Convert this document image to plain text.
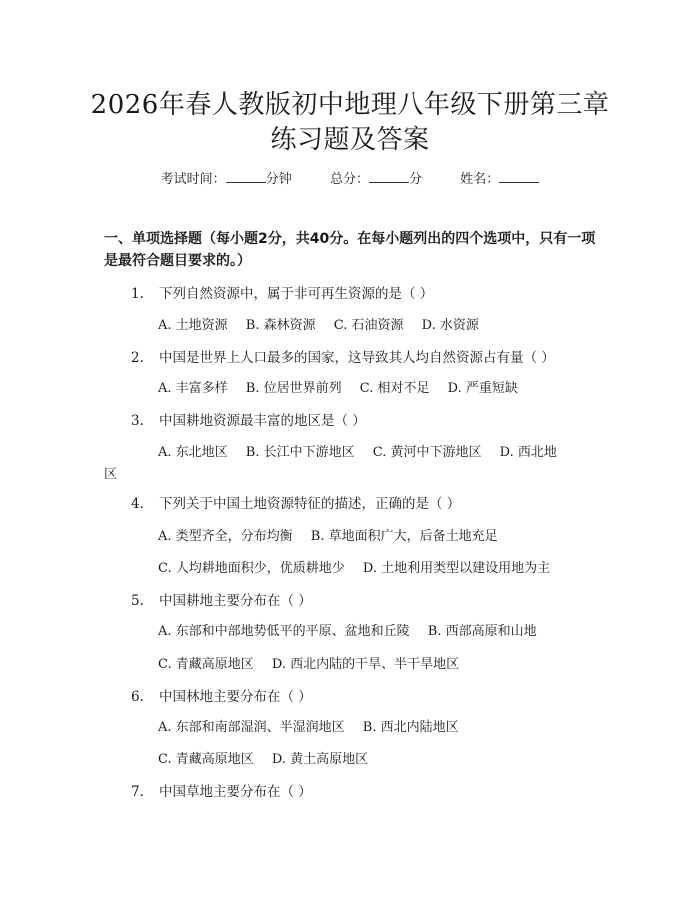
2026年春人教版初中地理八年级下册第三章
练习题及答案
考试时间：	分钟	总分：	分	姓名：
一、单项选择题（每小题2分，共40分。在每小题列出的四个选项中，只有一项
是最符合题目要求的。）
1. 下列自然资源中，属于非可再生资源的是（ ）
A. 土地资源 B. 森林资源 C. 石油资源 D. 水资源
2. 中国是世界上人口最多的国家，这导致其人均自然资源占有量（ ）
A. 丰富多样 B. 位居世界前列 C. 相对不足 D. 严重短缺
3. 中国耕地资源最丰富的地区是（ ）
A. 东北地区 B. 长江中下游地区 C. 黄河中下游地区 D. 西北地
区
4. 下列关于中国土地资源特征的描述，正确的是（ ）
A. 类型齐全，分布均衡 B. 草地面积广大，后备土地充足
C. 人均耕地面积少，优质耕地少 D. 土地利用类型以建设用地为主
5. 中国耕地主要分布在（ ）
A. 东部和中部地势低平的平原、盆地和丘陵 B. 西部高原和山地
C. 青藏高原地区 D. 西北内陆的干旱、半干旱地区
6. 中国林地主要分布在（ ）
A. 东部和南部湿润、半湿润地区 B. 西北内陆地区
C. 青藏高原地区 D. 黄土高原地区
7. 中国草地主要分布在（ ）
